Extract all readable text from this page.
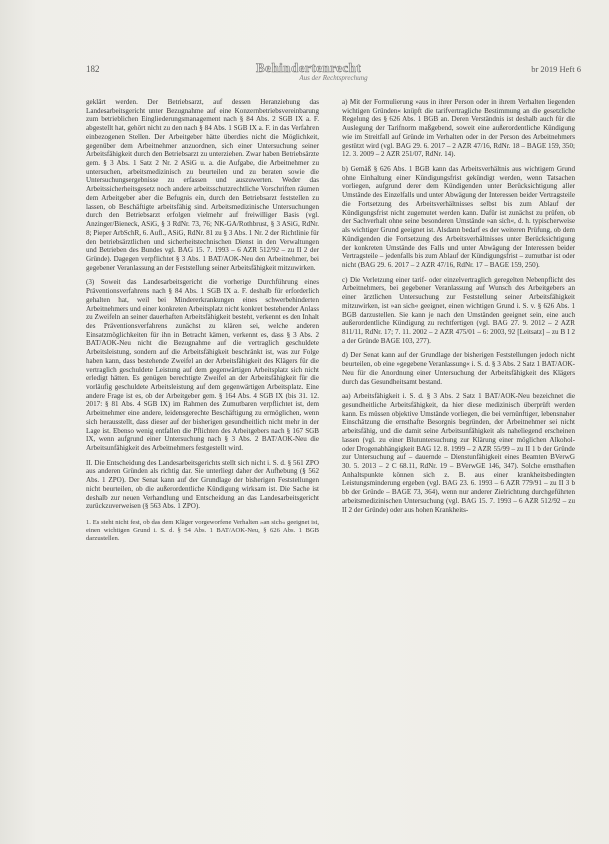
182	Behindertenrecht	br 2019 Heft 6
Aus der Rechtsprechung

geklärt werden. Der Betriebsarzt, auf dessen Heranziehung das Landesarbeitsgericht unter Bezugnahme auf eine Konzernbetriebsvereinbarung zum betrieblichen Eingliederungsmanagement nach § 84 Abs. 2 SGB IX a. F. abgestellt hat, gehört nicht zu den nach § 84 Abs. 1 SGB IX a. F. in das Verfahren einbezogenen Stellen. Der Arbeitgeber hätte überdies nicht die Möglichkeit, gegenüber dem Arbeitnehmer anzuordnen, sich einer Untersuchung seiner Arbeitsfähigkeit durch den Betriebsarzt zu unterziehen. Zwar haben Betriebsärzte gem. § 3 Abs. 1 Satz 2 Nr. 2 ASiG u. a. die Aufgabe, die Arbeitnehmer zu untersuchen, arbeitsmedizinisch zu beurteilen und zu beraten sowie die Untersuchungsergebnisse zu erfassen und auszuwerten. Weder das Arbeitssicherheitsgesetz noch andere arbeitsschutzrechtliche Vorschriften räumen dem Arbeitgeber aber die Befugnis ein, durch den Betriebsarzt feststellen zu lassen, ob Beschäftigte arbeitsfähig sind. Arbeitsmedizinische Untersuchungen durch den Betriebsarzt erfolgen vielmehr auf freiwilliger Basis (vgl. Anzinger/Bieneck, ASiG, § 3 RdNr. 73, 76; NK-GA/Rothbrust, § 3 ASiG, RdNr. 8; Pieper ArbSchR, 6. Aufl., ASiG, RdNr. 81 zu § 3 Abs. 1 Nr. 2 der Richtlinie für den betriebsärztlichen und sicherheitstechnischen Dienst in den Verwaltungen und Betrieben des Bundes vgl. BAG 15. 7. 1993 – 6 AZR 512/92 – zu II 2 der Gründe). Dagegen verpflichtet § 3 Abs. 1 BAT/AOK-Neu den Arbeitnehmer, bei gegebener Veranlassung an der Feststellung seiner Arbeitsfähigkeit mitzuwirken.

(3) Soweit das Landesarbeitsgericht die vorherige Durchführung eines Präventionsverfahrens nach § 84 Abs. 1 SGB IX a. F. deshalb für erforderlich gehalten hat, weil bei Mindererkrankungen eines schwerbehinderten Arbeitnehmers und einer konkreten Arbeitsplatz nicht konkret bestehender Anlass zu Zweifeln an seiner dauerhaften Arbeitsfähigkeit besteht, verkennt es den Inhalt des Präventionsverfahrens zunächst zu klären sei, welche anderen Einsatzmöglichkeiten für ihn in Betracht kämen, verkennt es, dass § 3 Abs. 2 BAT/AOK-Neu nicht die Bezugnahme auf die vertraglich geschuldete Arbeitsleistung, sondern auf die Arbeitsfähigkeit beschränkt ist, was zur Folge haben kann, dass bestehende Zweifel an der Arbeitsfähigkeit des Klägers für die vertraglich geschuldete Leistung auf dem gegenwärtigen Arbeitsplatz sich nicht erledigt hätten. Es genügen berechtigte Zweifel an der Arbeitsfähigkeit für die vorläufig geschuldete Arbeitsleistung auf dem gegenwärtigen Arbeitsplatz. Eine andere Frage ist es, ob der Arbeitgeber gem. § 164 Abs. 4 SGB IX (bis 31. 12. 2017: § 81 Abs. 4 SGB IX) im Rahmen des Zumutbaren verpflichtet ist, dem Arbeitnehmer eine andere, leidensgerechte Beschäftigung zu ermöglichen, wenn sich herausstellt, dass dieser auf der bisherigen gesundheitlich nicht mehr in der Lage ist. Ebenso wenig entfallen die Pflichten des Arbeitgebers nach § 167 SGB IX, wenn aufgrund einer Untersuchung nach § 3 Abs. 2 BAT/AOK-Neu die Arbeitsunfähigkeit des Arbeitnehmers festgestellt wird.

II. Die Entscheidung des Landesarbeitsgerichts stellt sich nicht i. S. d. § 561 ZPO aus anderen Gründen als richtig dar. Sie unterliegt daher der Aufhebung (§ 562 Abs. 1 ZPO). Der Senat kann auf der Grundlage der bisherigen Feststellungen nicht beurteilen, ob die außerordentliche Kündigung wirksam ist. Die Sache ist deshalb zur neuen Verhandlung und Entscheidung an das Landesarbeitsgericht zurückzuverweisen (§ 563 Abs. 1 ZPO).

1. Es steht nicht fest, ob das dem Kläger vorgeworfene Verhalten »an sich« geeignet ist, einen wichtigen Grund i. S. d. § 54 Abs. 1 BAT/AOK-Neu, § 626 Abs. 1 BGB darzustellen.

a) Mit der Formulierung »aus in ihrer Person oder in ihrem Verhalten liegenden wichtigen Gründen« knüpft die tarifvertragliche Bestimmung an die gesetzliche Regelung des § 626 Abs. 1 BGB an. Deren Verständnis ist deshalb auch für die Auslegung der Tarifnorm maßgebend, soweit eine außerordentliche Kündigung wie im Streitfall auf Gründe im Verhalten oder in der Person des Arbeitnehmers gestützt wird (vgl. BAG 29. 6. 2017 – 2 AZR 47/16, RdNr. 18 – BAGE 159, 350; 12. 3. 2009 – 2 AZR 251/07, RdNr. 14).

b) Gemäß § 626 Abs. 1 BGB kann das Arbeitsverhältnis aus wichtigem Grund ohne Einhaltung einer Kündigungsfrist gekündigt werden, wenn Tatsachen vorliegen, aufgrund derer dem Kündigenden unter Berücksichtigung aller Umstände des Einzelfalls und unter Abwägung der Interessen beider Vertragsteile die Fortsetzung des Arbeitsverhältnisses selbst bis zum Ablauf der Kündigungsfrist nicht zugemutet werden kann. Dafür ist zunächst zu prüfen, ob der Sachverhalt ohne seine besonderen Umstände »an sich«, d. h. typischerweise als wichtiger Grund geeignet ist. Alsdann bedarf es der weiteren Prüfung, ob dem Kündigenden die Fortsetzung des Arbeitsverhältnisses unter Berücksichtigung der konkreten Umstände des Falls und unter Abwägung der Interessen beider Vertragsteile – jedenfalls bis zum Ablauf der Kündigungsfrist – zumutbar ist oder nicht (BAG 29. 6. 2017 – 2 AZR 47/16, RdNr. 17 – BAGE 159, 250).

c) Die Verletzung einer tarif- oder einzelvertraglich geregelten Nebenpflicht des Arbeitnehmers, bei gegebener Veranlassung auf Wunsch des Arbeitgebers an einer ärztlichen Untersuchung zur Feststellung seiner Arbeitsfähigkeit mitzuwirken, ist »an sich« geeignet, einen wichtigen Grund i. S. v. § 626 Abs. 1 BGB darzustellen. Sie kann je nach den Umständen geeignet sein, eine auch außerordentliche Kündigung zu rechtfertigen (vgl. BAG 27. 9. 2012 – 2 AZR 811/11, RdNr. 17; 7. 11. 2002 – 2 AZR 475/01 – 6: 2003, 92 [Leitsatz] – zu B I 2 a der Gründe BAGE 103, 277).

d) Der Senat kann auf der Grundlage der bisherigen Feststellungen jedoch nicht beurteilen, ob eine »gegebene Veranlassung« i. S. d. § 3 Abs. 2 Satz 1 BAT/AOK-Neu für die Anordnung einer Untersuchung der Arbeitsfähigkeit des Klägers durch das Gesundheitsamt bestand.

aa) Arbeitsfähigkeit i. S. d. § 3 Abs. 2 Satz 1 BAT/AOK-Neu bezeichnet die gesundheitliche Arbeitsfähigkeit, da hier diese medizinisch überprüft werden kann. Es müssen objektive Umstände vorliegen, die bei vernünftiger, lebensnaher Einschätzung die ernsthafte Besorgnis begründen, der Arbeitnehmer sei nicht arbeitsfähig, und die damit seine Arbeitsunfähigkeit als naheliegend erscheinen lassen (vgl. zu einer Blutuntersuchung zur Klärung einer möglichen Alkohol- oder Drogenabhängigkeit BAG 12. 8. 1999 – 2 AZR 55/99 – zu II 1 b der Gründe zur Untersuchung auf – dauernde – Dienstunfähigkeit eines Beamten BVerwG 30. 5. 2013 – 2 C 68.11, RdNr. 19 – BVerwGE 146, 347). Solche ernsthaften Anhaltspunkte können sich z. B. aus einer krankheitsbedingten Leistungsminderung ergeben (vgl. BAG 23. 6. 1993 – 6 AZR 779/91 – zu II 3 b bb der Gründe – BAGE 73, 364), wenn nur anderer Zielrichtung durchgeführten arbeitsmedizinischen Untersuchung (vgl. BAG 15. 7. 1993 – 6 AZR 512/92 – zu II 2 der Gründe) oder aus hohen Krankheits-
